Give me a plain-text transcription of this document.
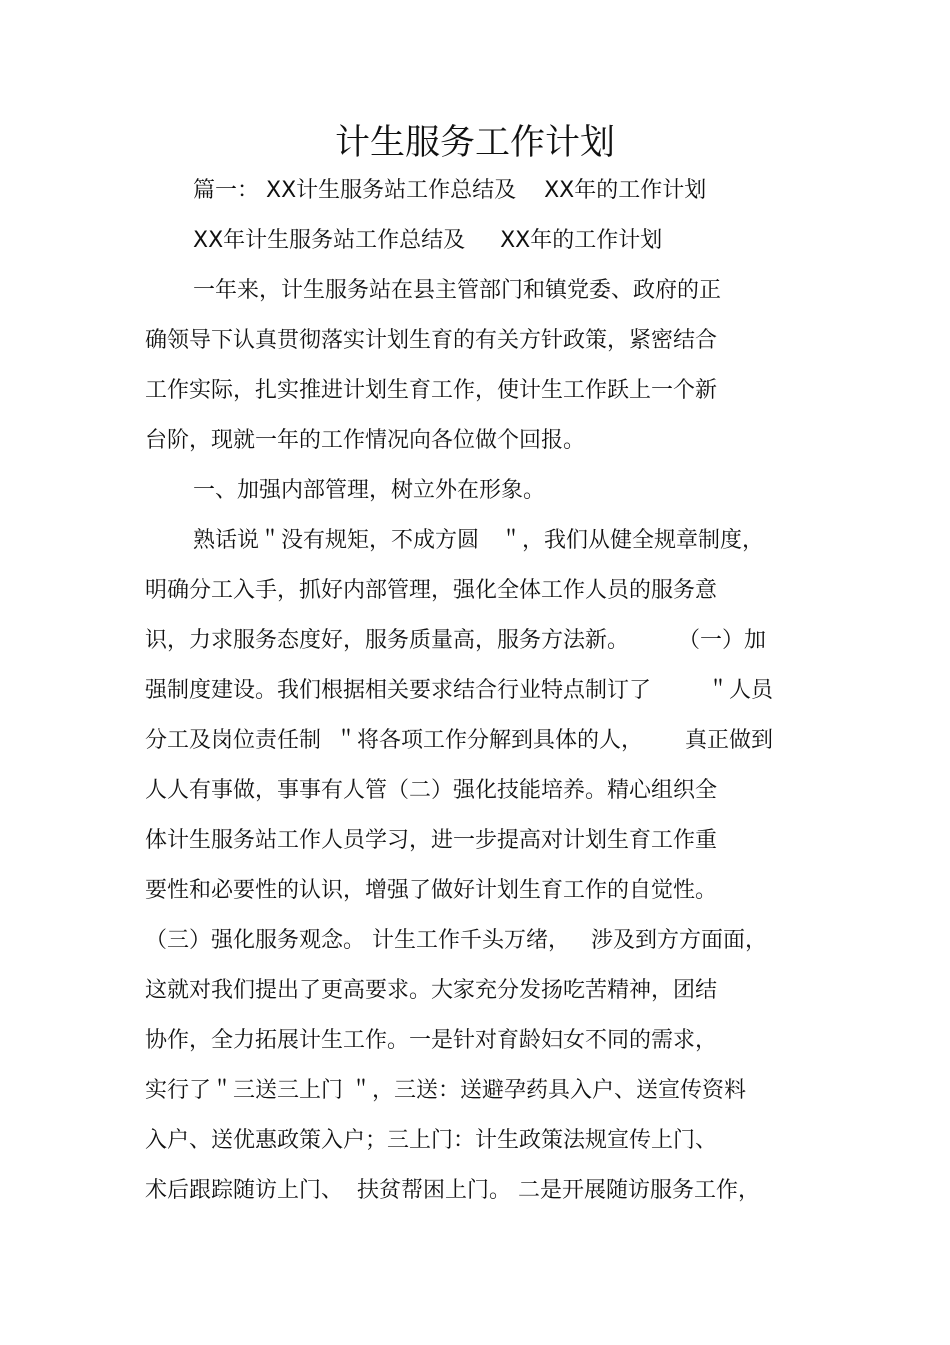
计生服务工作计划
篇一： XX计生服务站工作总结及    XX年的工作计划
XX年计生服务站工作总结及     XX年的工作计划
一年来，计生服务站在县主管部门和镇党委、政府的正
确领导下认真贯彻落实计划生育的有关方针政策，紧密结合
工作实际，扎实推进计划生育工作，使计生工作跃上一个新
台阶，现就一年的工作情况向各位做个回报。
一、加强内部管理，树立外在形象。
熟话说＂没有规矩，不成方圆   ＂，我们从健全规章制度，
明确分工入手，抓好内部管理，强化全体工作人员的服务意
识，力求服务态度好，服务质量高，服务方法新。       （一）加
强制度建设。我们根据相关要求结合行业特点制订了        ＂人员
分工及岗位责任制  ＂将各项工作分解到具体的人，      真正做到
人人有事做，事事有人管（二）强化技能培养。精心组织全
体计生服务站工作人员学习，进一步提高对计划生育工作重
要性和必要性的认识，增强了做好计划生育工作的自觉性。
（三）强化服务观念。 计生工作千头万绪，   涉及到方方面面，
这就对我们提出了更高要求。大家充分发扬吃苦精神，团结
协作，全力拓展计生工作。一是针对育龄妇女不同的需求，
实行了＂三送三上门 ＂，三送：送避孕药具入户、送宣传资料
入户、送优惠政策入户；三上门：计生政策法规宣传上门、
术后跟踪随访上门、  扶贫帮困上门。 二是开展随访服务工作，
